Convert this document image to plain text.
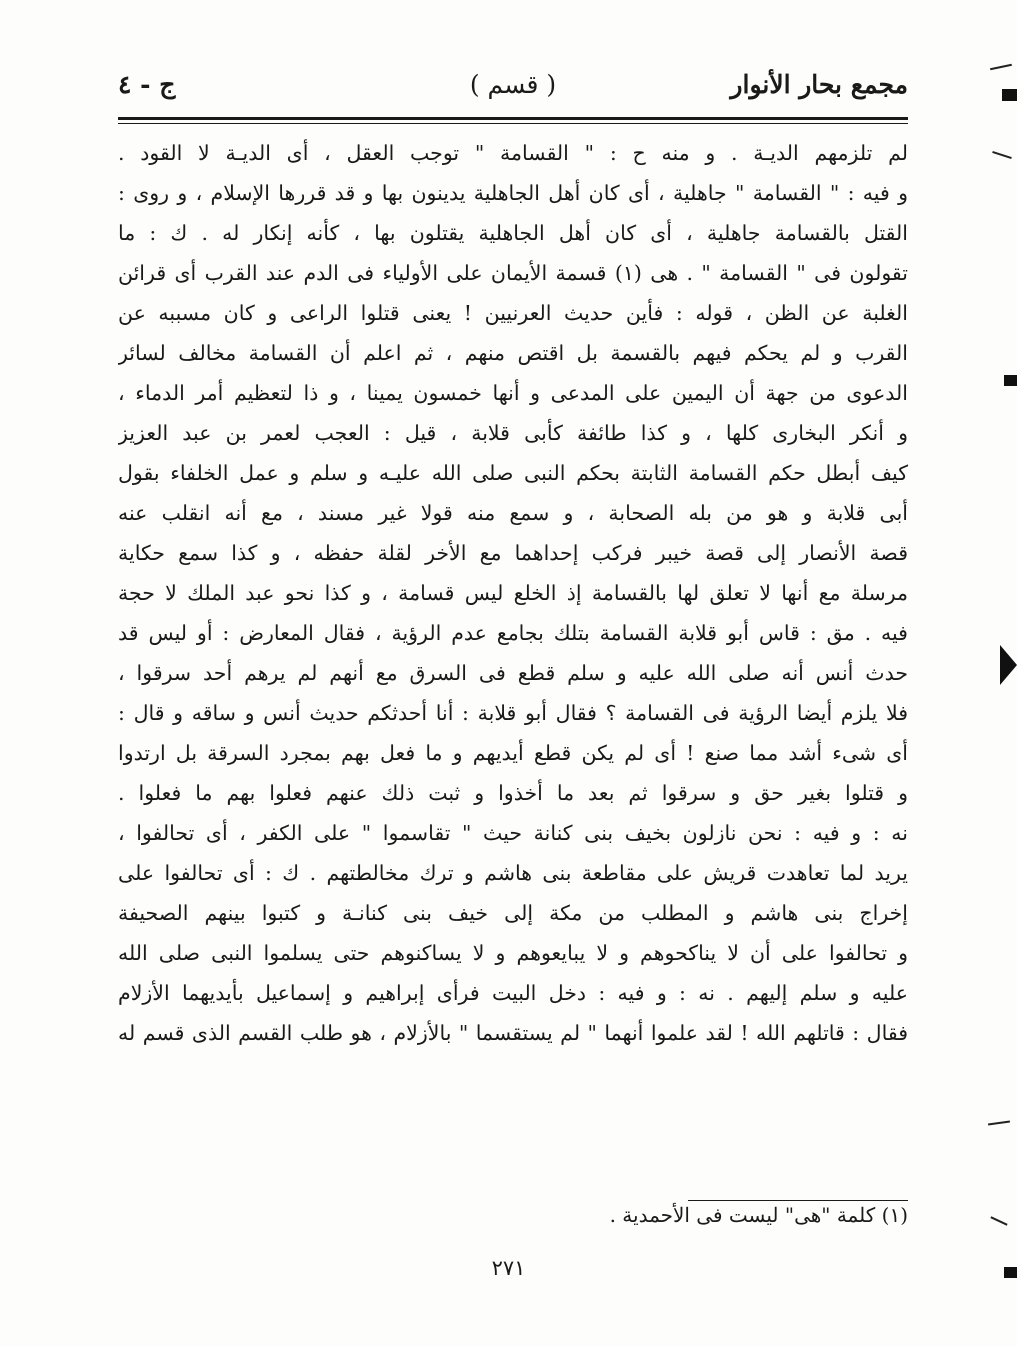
مجمع بحار الأنوار
( قسم )
ج - ٤
لم تلزمهم الديـة . و منه ح : " القسامة " توجب العقل ، أى الديـة لا القود .
و فيه : " القسامة " جاهلية ، أى كان أهل الجاهلية يدينون بها و قد قررها الإسلام ، و روى :
القتل بالقسامة جاهلية ، أى كان أهل الجاهلية يقتلون بها ، كأنه إنكار له . ك : ما
تقولون فى " القسامة " . هى (١) قسمة الأيمان على الأولياء فى الدم عند القرب أى قرائن
الغلبة عن الظن ، قوله : فأين حديث العرنيين ! يعنى قتلوا الراعى و كان مسببه عن
القرب و لم يحكم فيهم بالقسمة بل اقتص منهم ، ثم اعلم أن القسامة مخالف لسائر
الدعوى من جهة أن اليمين على المدعى و أنها خمسون يمينا ، و ذا لتعظيم أمر الدماء ،
و أنكر البخارى كلها ، و كذا طائفة كأبى قلابة ، قيل : العجب لعمر بن عبد العزيز
كيف أبطل حكم القسامة الثابتة بحكم النبى صلى الله عليـه و سلم و عمل الخلفاء بقول
أبى قلابة و هو من بله الصحابة ، و سمع منه قولا غير مسند ، مع أنه انقلب عنه
قصة الأنصار إلى قصة خيبر فركب إحداهما مع الأخر لقلة حفظه ، و كذا سمع حكاية
مرسلة مع أنها لا تعلق لها بالقسامة إذ الخلع ليس قسامة ، و كذا نحو عبد الملك لا حجة
فيه . مق : قاس أبو قلابة القسامة بتلك بجامع عدم الرؤية ، فقال المعارض : أو ليس قد
حدث أنس أنه صلى الله عليه و سلم قطع فى السرق مع أنهم لم يرهم أحد سرقوا ،
فلا يلزم أيضا الرؤية فى القسامة ؟ فقال أبو قلابة : أنا أحدثكم حديث أنس و ساقه و قال :
أى شىء أشد مما صنع ! أى لم يكن قطع أيديهم و ما فعل بهم بمجرد السرقة بل ارتدوا
و قتلوا بغير حق و سرقوا ثم بعد ما أخذوا و ثبت ذلك عنهم فعلوا بهم ما فعلوا .
نه : و فيه : نحن نازلون بخيف بنى كنانة حيث " تقاسموا " على الكفر ، أى تحالفوا ،
يريد لما تعاهدت قريش على مقاطعة بنى هاشم و ترك مخالطتهم . ك : أى تحالفوا على
إخراج بنى هاشم و المطلب من مكة إلى خيف بنى كنانـة و كتبوا بينهم الصحيفة
و تحالفوا على أن لا يناكحوهم و لا يبايعوهم و لا يساكنوهم حتى يسلموا النبى صلى الله
عليه و سلم إليهم . نه : و فيه : دخل البيت فرأى إبراهيم و إسماعيل بأيديهما الأزلام
فقال : قاتلهم الله ! لقد علموا أنهما " لم يستقسما " بالأزلام ، هو طلب القسم الذى قسم له
(١) كلمة "هى" ليست فى الأحمدية .
٢٧١
